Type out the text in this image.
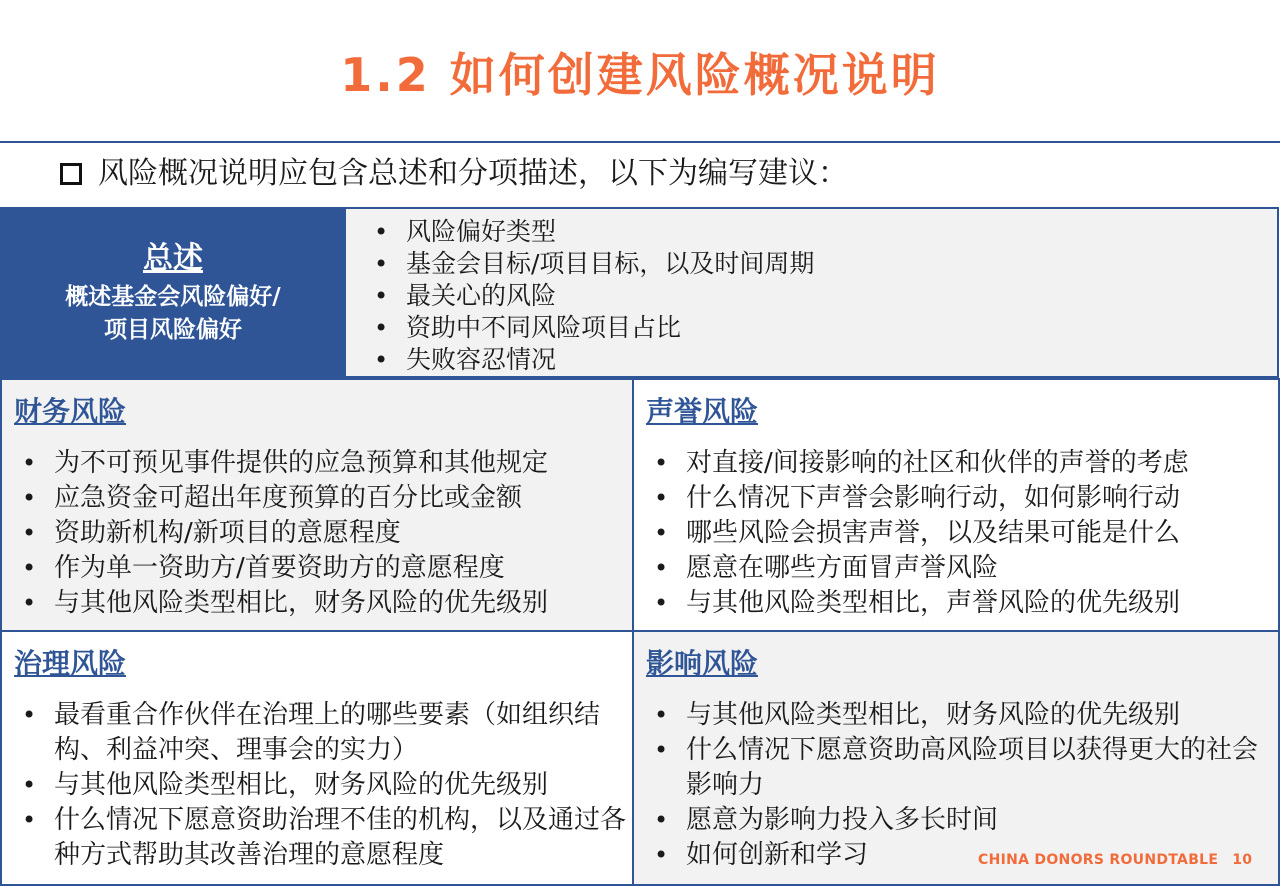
1.2 如何创建风险概况说明
风险概况说明应包含总述和分项描述，以下为编写建议：
总述
概述基金会风险偏好/
项目风险偏好
• 风险偏好类型
• 基金会目标/项目目标，以及时间周期
• 最关心的风险
• 资助中不同风险项目占比
• 失败容忍情况
财务风险
• 为不可预见事件提供的应急预算和其他规定
• 应急资金可超出年度预算的百分比或金额
• 资助新机构/新项目的意愿程度
• 作为单一资助方/首要资助方的意愿程度
• 与其他风险类型相比，财务风险的优先级别
声誉风险
• 对直接/间接影响的社区和伙伴的声誉的考虑
• 什么情况下声誉会影响行动，如何影响行动
• 哪些风险会损害声誉，以及结果可能是什么
• 愿意在哪些方面冒声誉风险
• 与其他风险类型相比，声誉风险的优先级别
治理风险
• 最看重合作伙伴在治理上的哪些要素（如组织结构、利益冲突、理事会的实力）
• 与其他风险类型相比，财务风险的优先级别
• 什么情况下愿意资助治理不佳的机构，以及通过各种方式帮助其改善治理的意愿程度
影响风险
• 与其他风险类型相比，财务风险的优先级别
• 什么情况下愿意资助高风险项目以获得更大的社会影响力
• 愿意为影响力投入多长时间
• 如何创新和学习	CHINA DONORS ROUNDTABLE 10
